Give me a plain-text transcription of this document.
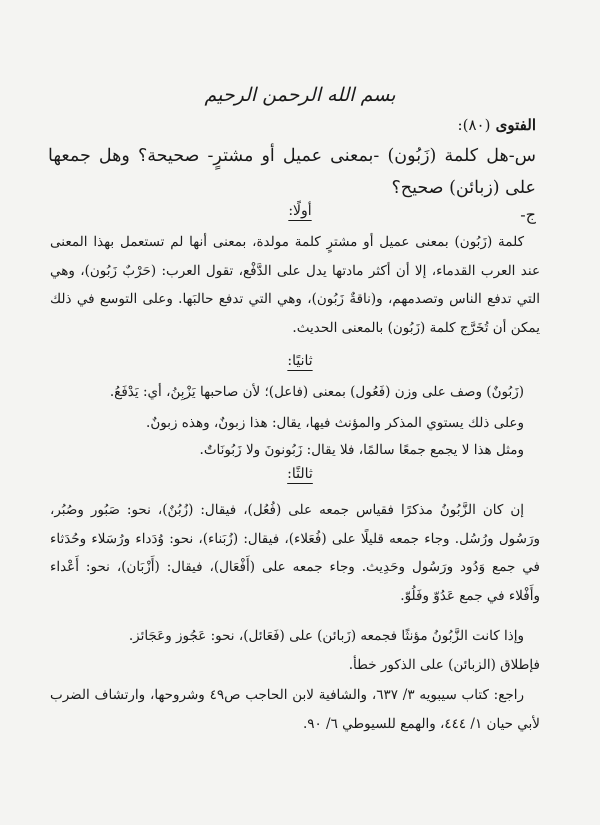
بسم الله الرحمن الرحيم
الفتوى (٨٠):
س-هل كلمة (زَبُون) -بمعنى عميل أو مشترٍ- صحيحة؟ وهل جمعها على (زبائن) صحيح؟
ج-
أولًا:
كلمة (زَبُون) بمعنى عميل أو مشترٍ كلمة مولدة، بمعنى أنها لم تستعمل بهذا المعنى عند العرب القدماء، إلا أن أكثر مادتها يدل على الدَّفْع، تقول العرب: (حَرْبٌ زَبُون)، وهي التي تدفع الناس وتصدمهم، و(ناقةٌ زَبُون)، وهي التي تدفع حالبَها. وعلى التوسع في ذلك يمكن أن تُخَرَّج كلمة (زَبُون) بالمعنى الحديث.
ثانيًا:
(زَبُونٌ) وصف على وزن (فَعُول) بمعنى (فاعل)؛ لأن صاحبها يَزْبِنُ، أي: يَدْفَعُ.
وعلى ذلك يستوي المذكر والمؤنث فيها، يقال: هذا زبونٌ، وهذه زبونٌ.
ومثل هذا لا يجمع جمعًا سالمًا، فلا يقال: زَبُونونَ ولا زَبُونَاتٌ.
ثالثًا:
إن كان الزَّبُونُ مذكرًا فقياس جمعه على (فُعُل)، فيقال: (زُبُنٌ)، نحو: صَبُور وصُبُر، ورَسُول ورُسُل. وجاء جمعه قليلًا على (فُعَلاء)، فيقال: (زُبَناء)، نحو: وُدَداء ورُسَلاء وحُدَثاء في جمع وَدُود ورَسُول وحَدِيث. وجاء جمعه على (أَفْعَال)، فيقال: (أَزْبَان)، نحو: أَعْداء وأَفْلاء في جمع عَدُوّ وفَلُوّ.
وإذا كانت الزَّبُونُ مؤنثًا فجمعه (زَبائن) على (فَعَائل)، نحو: عَجُوز وعَجَائز.
فإطلاق (الزبائن) على الذكور خطأ.
راجع: كتاب سيبويه ٣/ ٦٣٧، والشافية لابن الحاجب ص٤٩ وشروحها، وارتشاف الضرب لأبي حيان ١/ ٤٤٤، والهمع للسيوطي ٦/ ٩٠.
